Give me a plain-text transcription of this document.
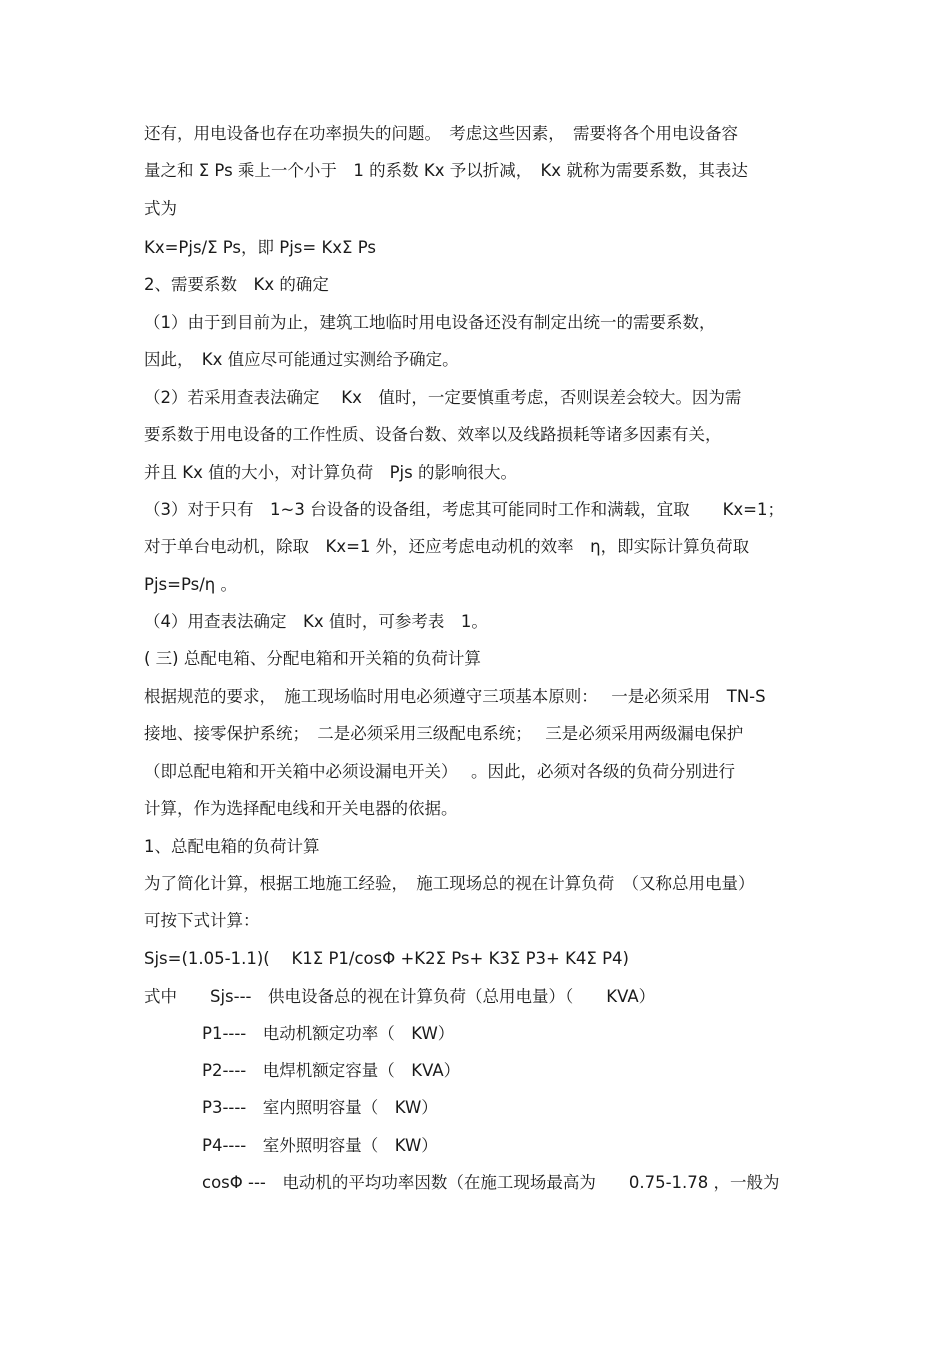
还有，用电设备也存在功率损失的问题。　考虑这些因素，　需要将各个用电设备容

量之和 Σ Ps 乘上一个小于　1 的系数 Kx 予以折减，　Kx 就称为需要系数，其表达

式为

Kx=Pjs/Σ Ps，即 Pjs= KxΣ Ps

2、需要系数　Kx 的确定

（1）由于到目前为止，建筑工地临时用电设备还没有制定出统一的需要系数，

因此，　Kx 值应尽可能通过实测给予确定。

（2）若采用查表法确定　 Kx　值时，一定要慎重考虑，否则误差会较大。因为需

要系数于用电设备的工作性质、设备台数、效率以及线路损耗等诸多因素有关，

并且 Kx 值的大小，对计算负荷　Pjs 的影响很大。

（3）对于只有　1~3 台设备的设备组，考虑其可能同时工作和满载，宜取　　Kx=1；

对于单台电动机，除取　Kx=1 外，还应考虑电动机的效率　η，即实际计算负荷取

Pjs=Ps/η 。

（4）用查表法确定　Kx 值时，可参考表　1。

( 三) 总配电箱、分配电箱和开关箱的负荷计算

根据规范的要求，　施工现场临时用电必须遵守三项基本原则：　 一是必须采用　TN-S

接地、接零保护系统；　二是必须采用三级配电系统；　 三是必须采用两级漏电保护

（即总配电箱和开关箱中必须设漏电开关）　 。因此，必须对各级的负荷分别进行

计算，作为选择配电线和开关电器的依据。

1、总配电箱的负荷计算

为了简化计算，根据工地施工经验，　施工现场总的视在计算负荷　（又称总用电量）

可按下式计算：

Sjs=(1.05-1.1)(　 K1Σ P1/cosΦ +K2Σ Ps+ K3Σ P3+ K4Σ P4)

式中　　Sjs---　供电设备总的视在计算负荷（总用电量）（　　KVA）

P1----　电动机额定功率（　KW）

P2----　电焊机额定容量（　KVA）

P3----　室内照明容量（　KW）

P4----　室外照明容量（　KW）

cosΦ ---　电动机的平均功率因数（在施工现场最高为　　0.75-1.78 ，一般为
